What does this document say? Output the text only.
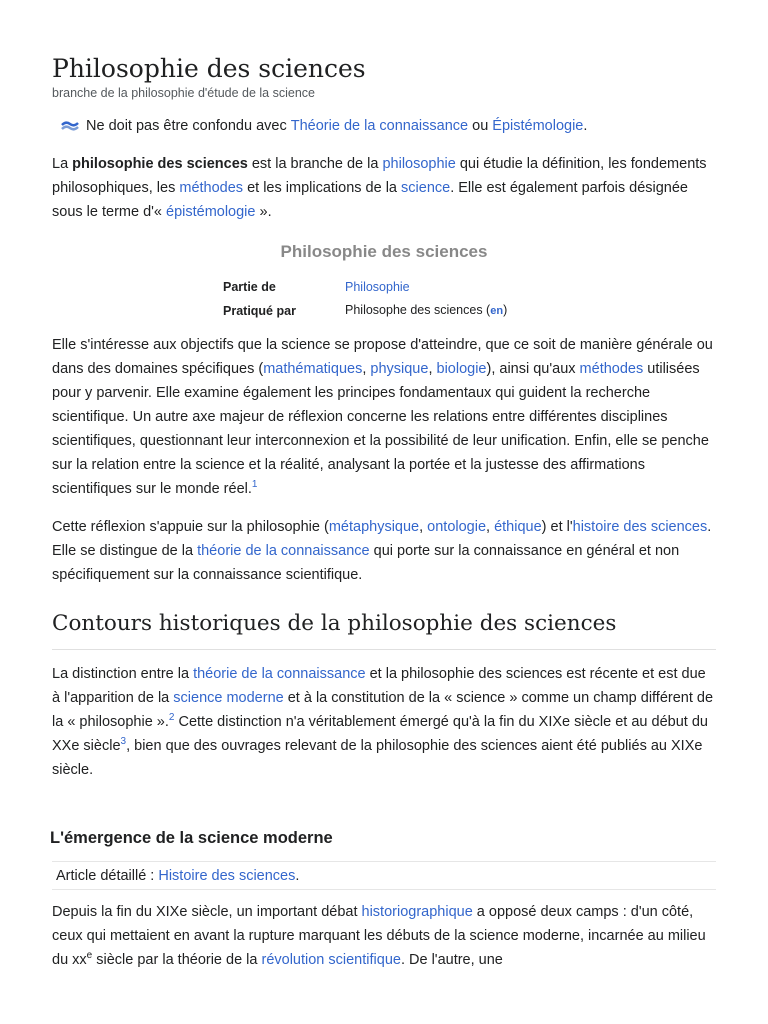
Philosophie des sciences
branche de la philosophie d'étude de la science
Ne doit pas être confondu avec
Théorie de la connaissance
ou
Épistémologie .

La philosophie des sciences est la branche de la philosophie qui étudie la définition, les fondements philosophiques, les méthodes et les implications de la science. Elle est également parfois désignée sous le terme d'« épistémologie ».

Philosophie des sciences
Partie de	Philosophie
Pratiqué par	Philosophe des sciences (en)

Elle s'intéresse aux objectifs que la science se propose d'atteindre, que ce soit de manière générale ou dans des domaines spécifiques (mathématiques, physique, biologie), ainsi qu'aux méthodes utilisées pour y parvenir. Elle examine également les principes fondamentaux qui guident la recherche scientifique. Un autre axe majeur de réflexion concerne les relations entre différentes disciplines scientifiques, questionnant leur interconnexion et la possibilité de leur unification. Enfin, elle se penche sur la relation entre la science et la réalité, analysant la portée et la justesse des affirmations scientifiques sur le monde réel.$^1$

Cette réflexion s'appuie sur la philosophie (métaphysique, ontologie, éthique) et l'histoire des sciences. Elle se distingue de la théorie de la connaissance qui porte sur la connaissance en général et non spécifiquement sur la connaissance scientifique.

Contours historiques de la philosophie des sciences

La distinction entre la théorie de la connaissance et la philosophie des sciences est récente et est due à l'apparition de la science moderne et à la constitution de la « science » comme un champ différent de la « philosophie ».$^2$ Cette distinction n'a véritablement émergé qu'à la fin du XIXe siècle et au début du XXe siècle$^3$, bien que des ouvrages relevant de la philosophie des sciences aient été publiés au XIXe siècle.

L'émergence de la science moderne
Article détaillé : Histoire des sciences.

Depuis la fin du XIXe siècle, un important débat historiographique a opposé deux camps : d'un côté, ceux qui mettaient en avant la rupture marquant les débuts de la science moderne, incarnée au milieu du $xx^e$ siècle par la théorie de la révolution scientifique. De l'autre, une
